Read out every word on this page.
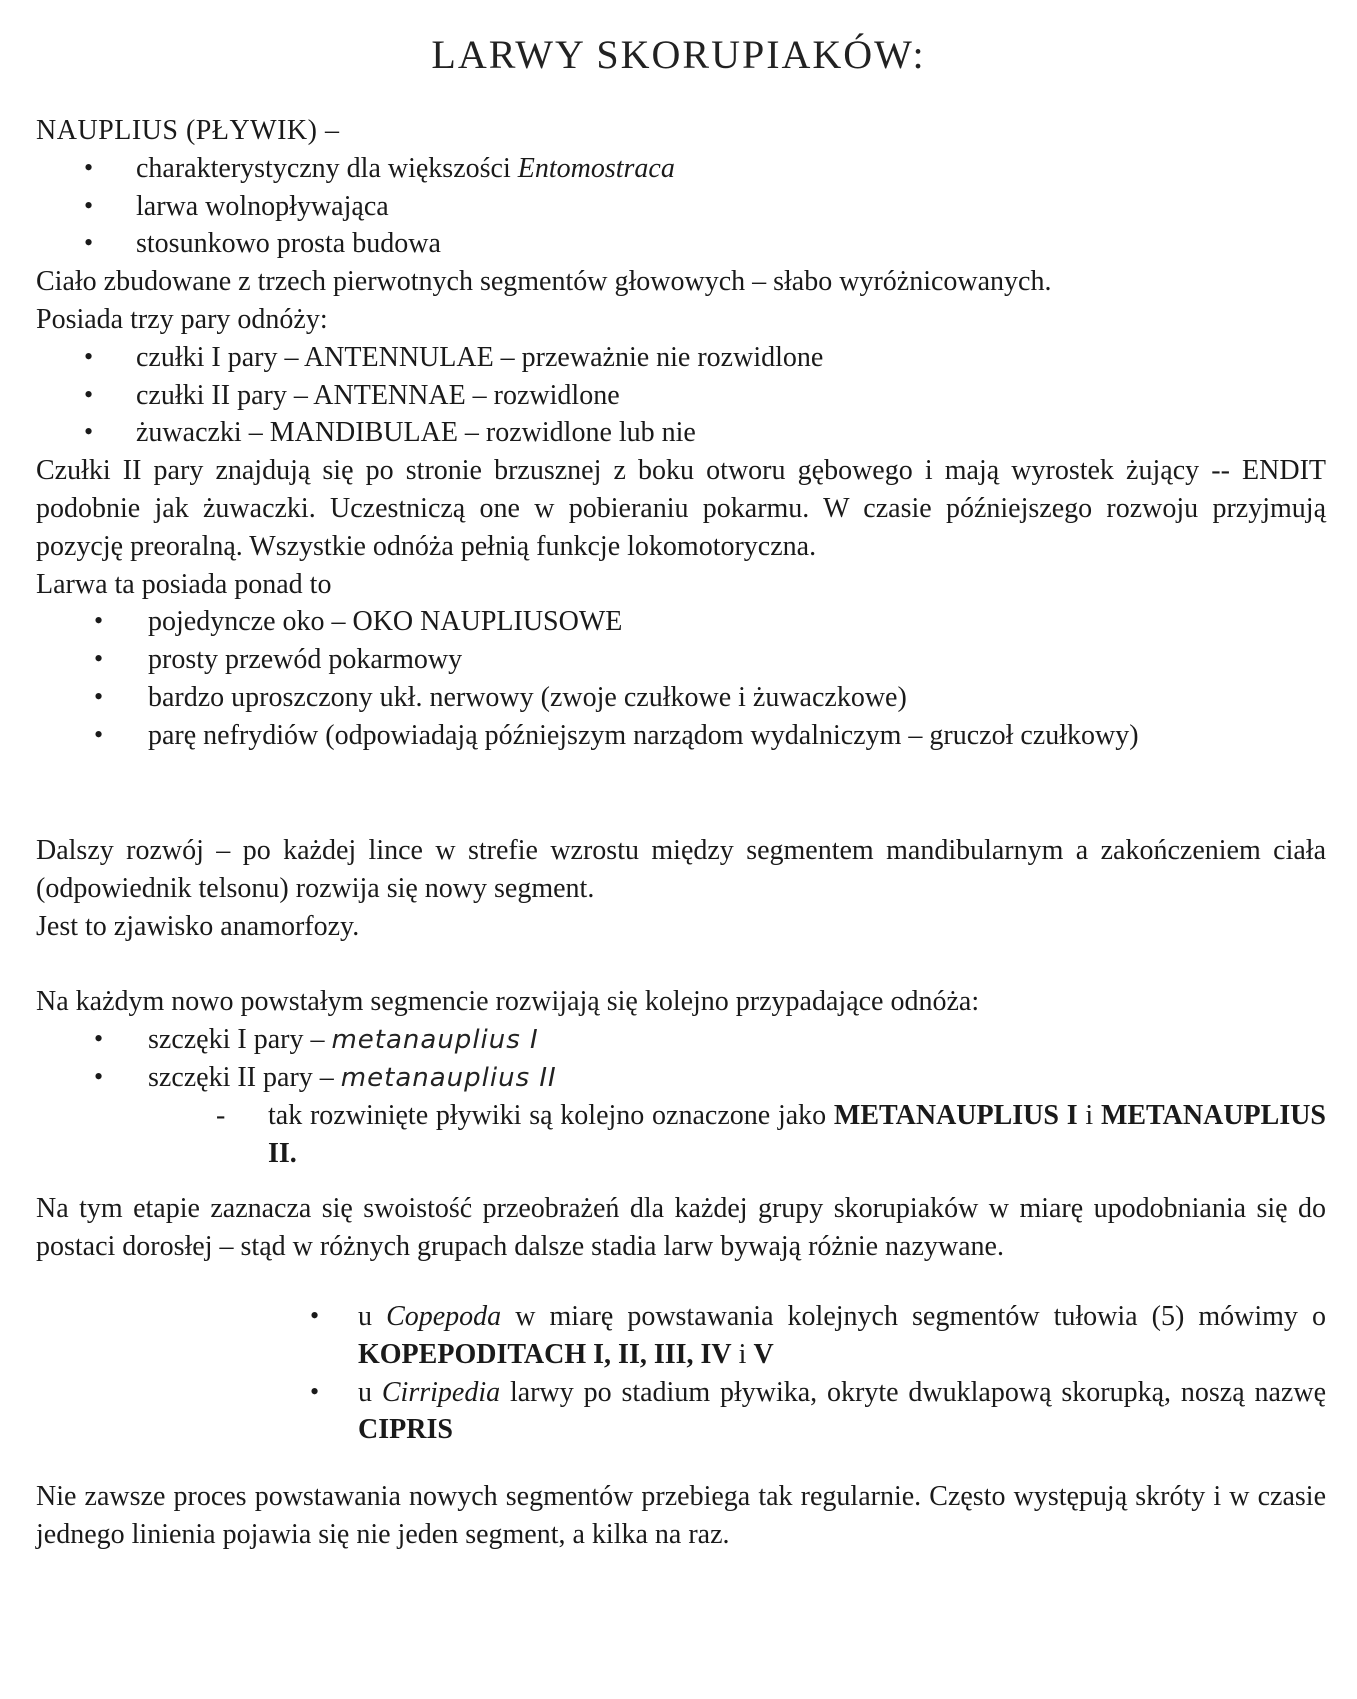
LARWY SKORUPIAKÓW:
NAUPLIUS (PŁYWIK) –
• charakterystyczny dla większości Entomostraca
• larwa wolnopływająca
• stosunkowo prosta budowa
Ciało zbudowane z trzech pierwotnych segmentów głowowych – słabo wyróżnicowanych.
Posiada trzy pary odnóży:
• czułki I pary – ANTENNULAE – przeważnie nie rozwidlone
• czułki II pary – ANTENNAE – rozwidlone
• żuwaczki – MANDIBULAE – rozwidlone lub nie
Czułki II pary znajdują się po stronie brzusznej z boku otworu gębowego i mają wyrostek żujący -- ENDIT podobnie jak żuwaczki. Uczestniczą one w pobieraniu pokarmu. W czasie późniejszego rozwoju przyjmują pozycję preoralną. Wszystkie odnóża pełnią funkcje lokomotoryczna.
Larwa ta posiada ponad to
• pojedyncze oko – OKO NAUPLIUSOWE
• prosty przewód pokarmowy
• bardzo uproszczony ukł. nerwowy (zwoje czułkowe i żuwaczkowe)
• parę nefrydiów (odpowiadają późniejszym narządom wydalniczym – gruczoł czułkowy)
Dalszy rozwój – po każdej lince w strefie wzrostu między segmentem mandibularnym a zakończeniem ciała (odpowiednik telsonu) rozwija się nowy segment.
Jest to zjawisko anamorfozy.
Na każdym nowo powstałym segmencie rozwijają się kolejno przypadające odnóża:
• szczęki I pary – metanauplius I
• szczęki II pary – metanauplius II
- tak rozwinięte pływiki są kolejno oznaczone jako METANAUPLIUS I i METANAUPLIUS II.
Na tym etapie zaznacza się swoistość przeobrażeń dla każdej grupy skorupiaków w miarę upodobniania się do postaci dorosłej – stąd w różnych grupach dalsze stadia larw bywają różnie nazywane.
• u Copepoda w miarę powstawania kolejnych segmentów tułowia (5) mówimy o KOPEPODITACH I, II, III, IV i V
• u Cirripedia larwy po stadium pływika, okryte dwuklapową skorupką, noszą nazwę CIPRIS
Nie zawsze proces powstawania nowych segmentów przebiega tak regularnie. Często występują skróty i w czasie jednego linienia pojawia się nie jeden segment, a kilka na raz.
